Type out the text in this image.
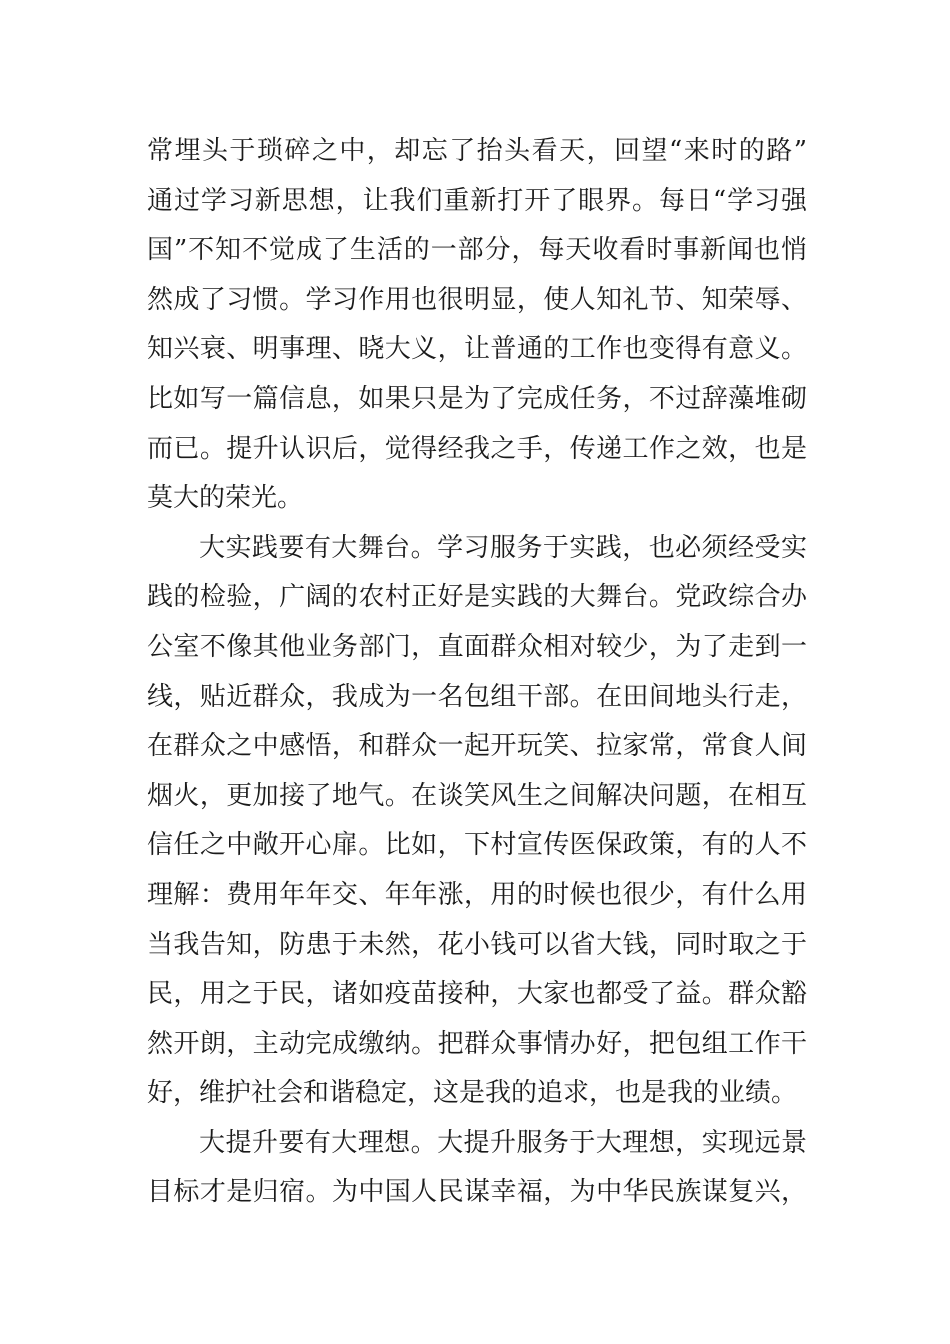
常埋头于琐碎之中，却忘了抬头看天，回望“来时的路”
通过学习新思想，让我们重新打开了眼界。每日“学习强
国”不知不觉成了生活的一部分，每天收看时事新闻也悄
然成了习惯。学习作用也很明显，使人知礼节、知荣辱、
知兴衰、明事理、晓大义，让普通的工作也变得有意义。
比如写一篇信息，如果只是为了完成任务，不过辞藻堆砌
而已。提升认识后，觉得经我之手，传递工作之效，也是
莫大的荣光。
大实践要有大舞台。学习服务于实践，也必须经受实
践的检验，广阔的农村正好是实践的大舞台。党政综合办
公室不像其他业务部门，直面群众相对较少，为了走到一
线，贴近群众，我成为一名包组干部。在田间地头行走，
在群众之中感悟，和群众一起开玩笑、拉家常，常食人间
烟火，更加接了地气。在谈笑风生之间解决问题，在相互
信任之中敞开心扉。比如，下村宣传医保政策，有的人不
理解：费用年年交、年年涨，用的时候也很少，有什么用
当我告知，防患于未然，花小钱可以省大钱，同时取之于
民，用之于民，诸如疫苗接种，大家也都受了益。群众豁
然开朗，主动完成缴纳。把群众事情办好，把包组工作干
好，维护社会和谐稳定，这是我的追求，也是我的业绩。
大提升要有大理想。大提升服务于大理想，实现远景
目标才是归宿。为中国人民谋幸福，为中华民族谋复兴，
